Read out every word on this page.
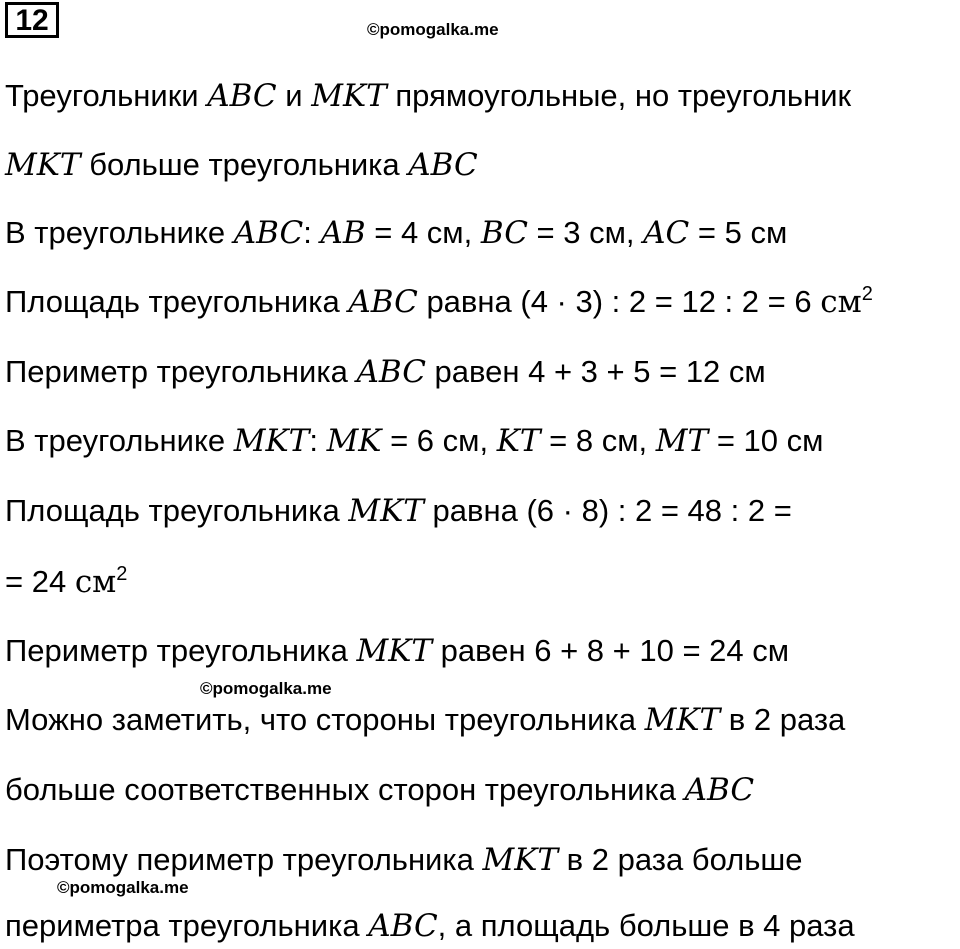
12	©pomogalka.me
Треугольники ABC и MKT прямоугольные, но треугольник
MKT больше треугольника ABC
В треугольнике ABC: AB = 4 см, BC = 3 см, AC = 5 см
Площадь треугольника ABC равна (4 · 3) : 2 = 12 : 2 = 6 $см^2$
Периметр треугольника ABC равен 4 + 3 + 5 = 12 см
В треугольнике MKT: MK = 6 см, KT = 8 см, MT = 10 см
Площадь треугольника MKT равна (6 · 8) : 2 = 48 : 2 =
= 24 $см^2$
Периметр треугольника MKT равен 6 + 8 + 10 = 24 см
©pomogalka.me
Можно заметить, что стороны треугольника MKT в 2 раза
больше соответственных сторон треугольника ABC
Поэтому периметр треугольника MKT в 2 раза больше
©pomogalka.me
периметра треугольника ABC, а площадь больше в 4 раза
